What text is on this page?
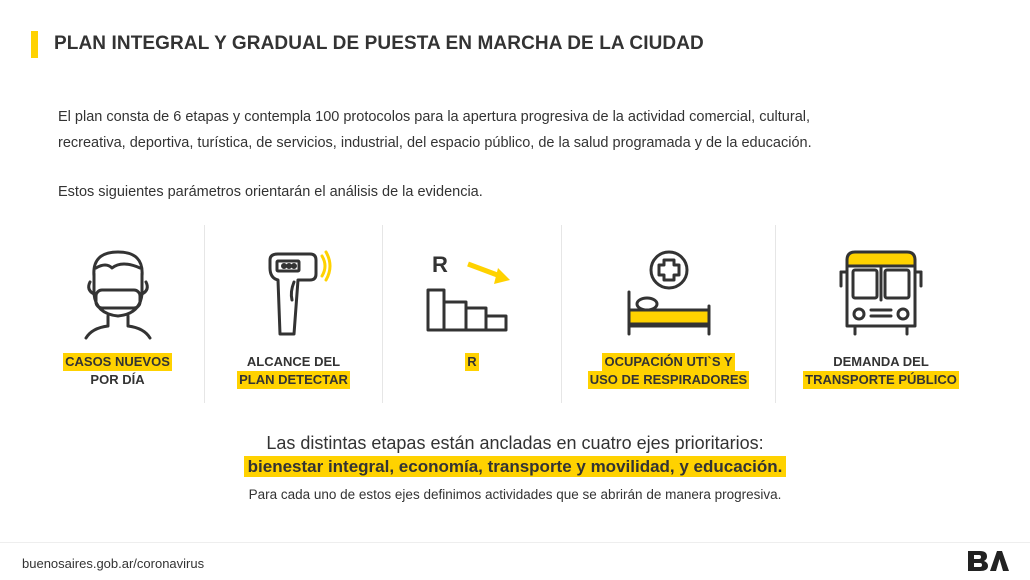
PLAN INTEGRAL Y GRADUAL DE PUESTA EN MARCHA DE LA CIUDAD

El plan consta de 6 etapas y contempla 100 protocolos para la apertura progresiva de la actividad comercial, cultural,

recreativa, deportiva, turística, de servicios, industrial, del espacio público, de la salud programada y de la educación.

Estos siguientes parámetros orientarán el análisis de la evidencia.
CASOS NUEVOS
POR DÍA
ALCANCE DEL
PLAN DETECTAR
R
R	OCUPACIÓN UTI`S Y
USO DE RESPIRADORES
DEMANDA DEL
TRANSPORTE PÚBLICO
Las distintas etapas están ancladas en cuatro ejes prioritarios:
bienestar integral, economía, transporte y movilidad, y educación.
Para cada uno de estos ejes definimos actividades que se abrirán de manera progresiva.
buenosaires.gob.ar/coronavirus
